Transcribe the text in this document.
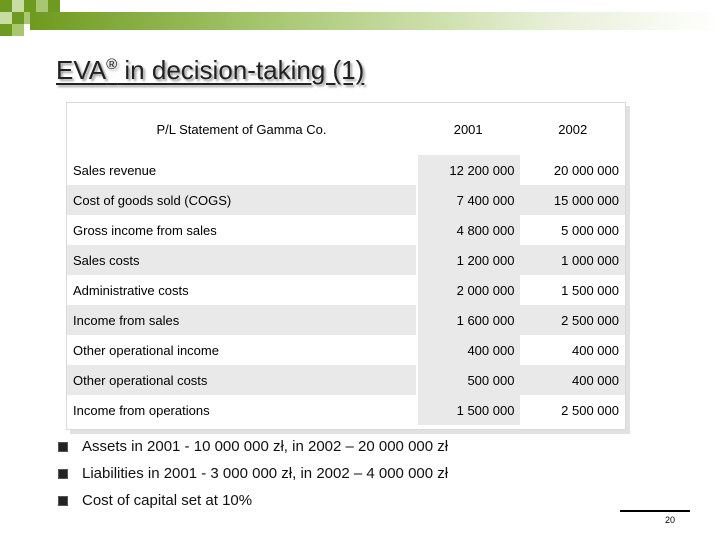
EVA® in decision-taking (1)
P/L Statement of Gamma Co.	2001	2002
Sales revenue	12 200 000	20 000 000
Cost of goods sold (COGS)	7 400 000	15 000 000
Gross income from sales	4 800 000	5 000 000
Sales costs	1 200 000	1 000 000
Administrative costs	2 000 000	1 500 000
Income from sales	1 600 000	2 500 000
Other operational income	400 000	400 000
Other operational costs	500 000	400 000
Income from operations	1 500 000	2 500 000
Assets in 2001 - 10 000 000 zł, in 2002 – 20 000 000 zł
Liabilities in 2001 - 3 000 000 zł, in 2002 – 4 000 000 zł
Cost of capital set at 10%
20
